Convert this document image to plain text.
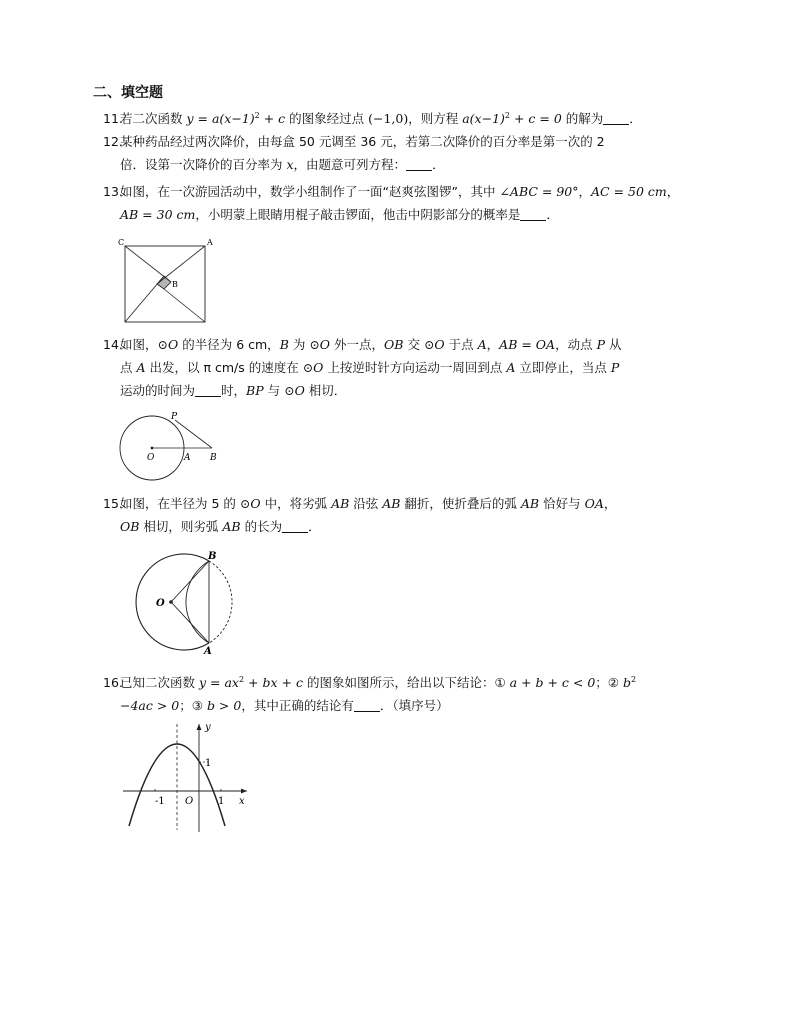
二、填空题
11.若二次函数 $y = a(x-1)^2 + c$ 的图象经过点 (−1,0)，则方程 $a(x-1)^2 + c = 0$ 的解为 ．
12.某种药品经过两次降价，由每盒 50 元调至 36 元，若第二次降价的百分率是第一次的 2
倍．设第一次降价的百分率为 x，由题意可列方程： ．
13.如图，在一次游园活动中，数学小组制作了一面“赵爽弦图锣”，其中 ∠ABC = 90°，AC = 50 cm，
AB = 30 cm，小明蒙上眼睛用棍子敲击锣面，他击中阴影部分的概率是 ．
C	A
B
14.如图，⊙O 的半径为 6 cm，B 为 ⊙O 外一点，OB 交 ⊙O 于点 A，AB = OA，动点 P 从
点 A 出发，以 π cm/s 的速度在 ⊙O 上按逆时针方向运动一周回到点 A 立即停止，当点 P
运动的时间为 时，BP 与 ⊙O 相切．
P
O	A B
15.如图，在半径为 5 的 ⊙O 中，将劣弧 AB 沿弦 AB 翻折，使折叠后的弧 AB 恰好与 OA，
OB 相切，则劣弧 AB 的长为 ．
O
B
A
16.已知二次函数 $y = ax^2$ + bx + c 的图象如图所示，给出以下结论：① a + b + c < 0；② $b^2$
−4ac > 0；③ b > 0，其中正确的结论有 ．（填序号）
y
1
-1 O 1 x
